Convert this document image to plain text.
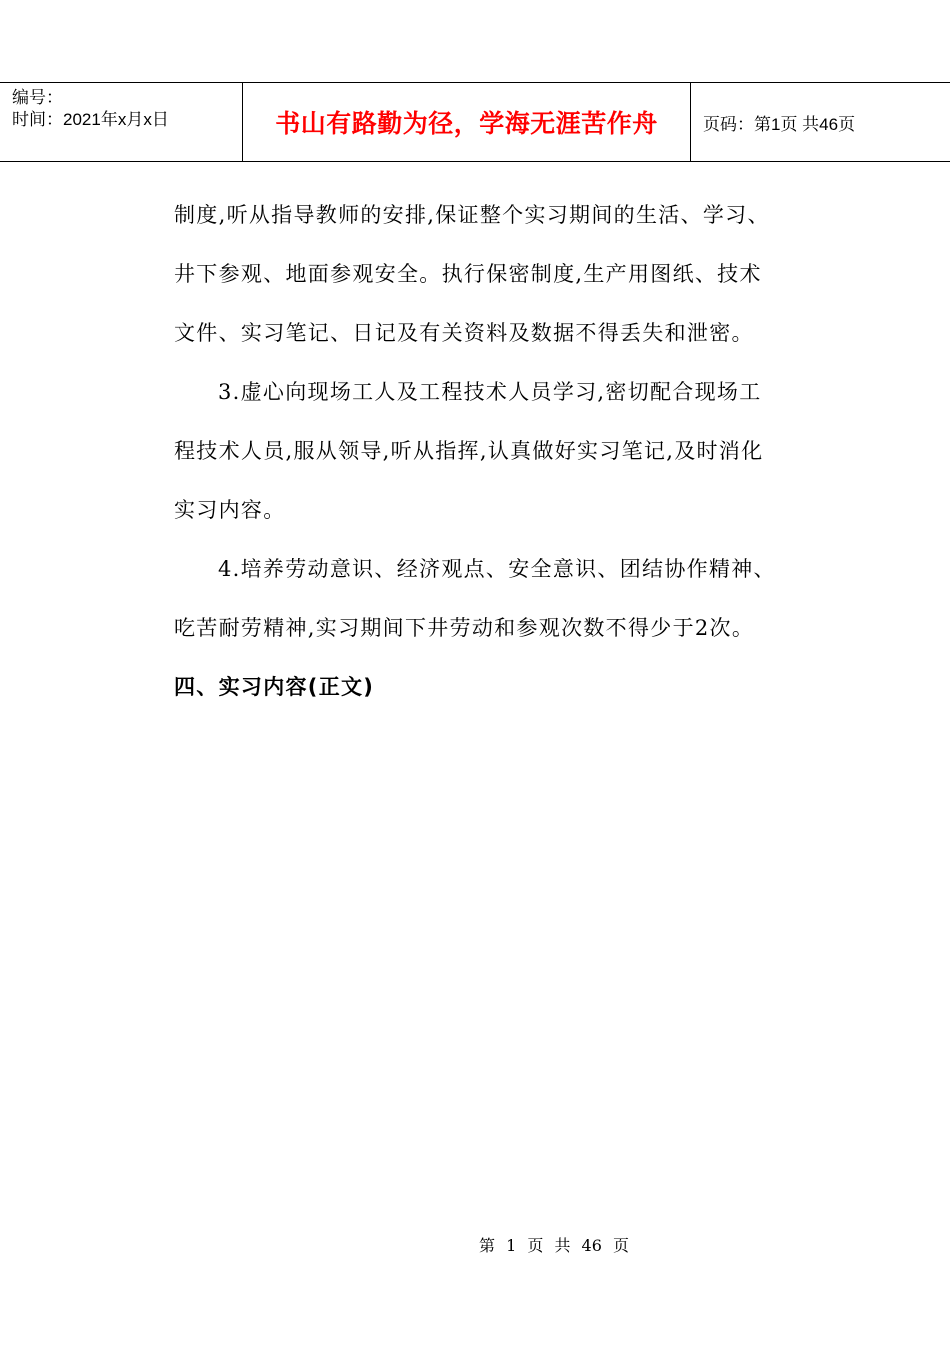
编号：
时间：2021年x月x日	书山有路勤为径，学海无涯苦作舟	页码：第1页 共46页

制度,听从指导教师的安排,保证整个实习期间的生活、学习、井下参观、地面参观安全。执行保密制度,生产用图纸、技术文件、实习笔记、日记及有关资料及数据不得丢失和泄密。

3.虚心向现场工人及工程技术人员学习,密切配合现场工程技术人员,服从领导,听从指挥,认真做好实习笔记,及时消化实习内容。

4.培养劳动意识、经济观点、安全意识、团结协作精神、吃苦耐劳精神,实习期间下井劳动和参观次数不得少于2次。

四、实习内容(正文)

第 1 页 共 46 页
